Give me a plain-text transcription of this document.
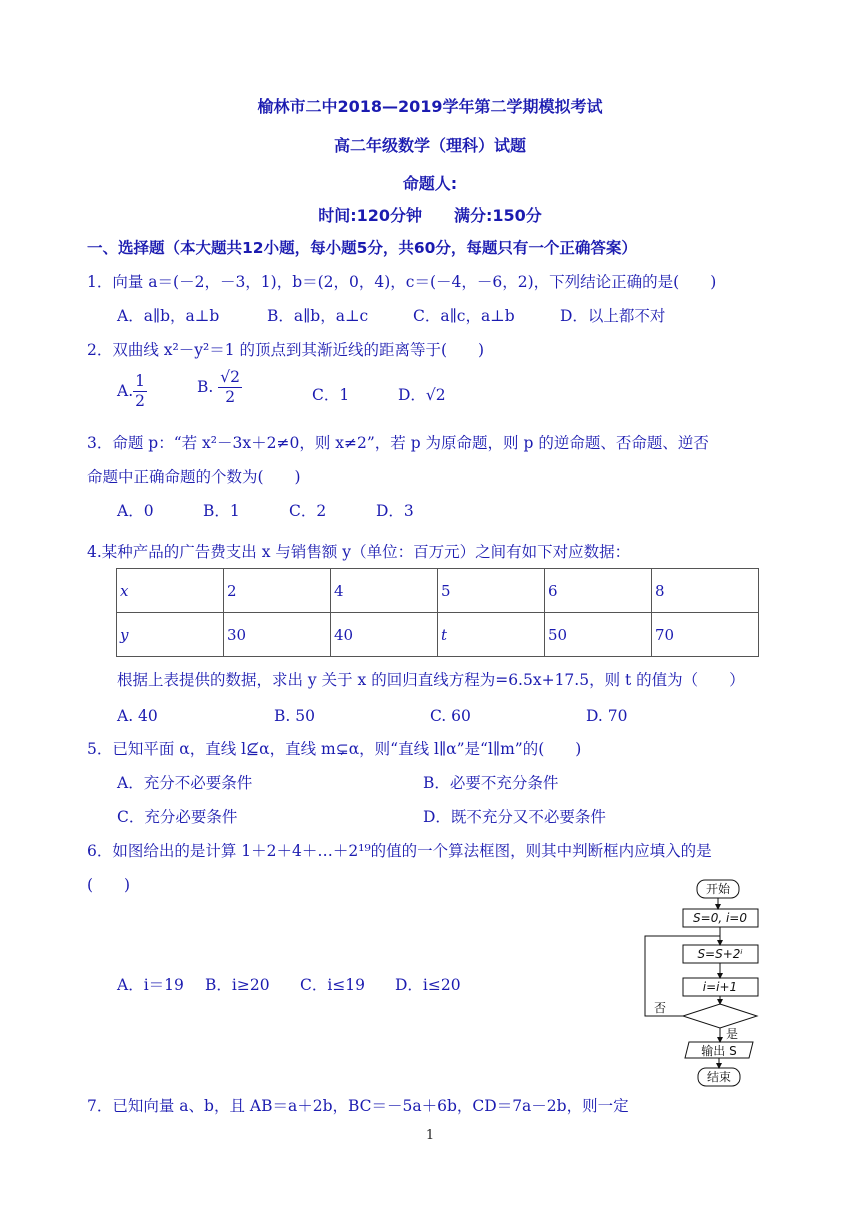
榆林市二中2018—2019学年第二学期模拟考试
高二年级数学（理科）试题
命题人:
时间:120分钟　　满分:150分
一、选择题（本大题共12小题，每小题5分，共60分，每题只有一个正确答案）
1．向量 a＝(－2，－3，1)，b＝(2，0，4)，c＝(－4，－6，2)，下列结论正确的是(　　)
A．a∥b，a⊥b	B．a∥b，a⊥c	C．a∥c，a⊥b	D．以上都不对
2．双曲线 x²－y²＝1 的顶点到其渐近线的距离等于(　　)
A. $\frac{1}{2}$	B. $\frac{√2}{2}$	C．1	D．√2
3．命题 p：“若 x²－3x＋2≠0，则 x≠2”，若 p 为原命题，则 p 的逆命题、否命题、逆否
命题中正确命题的个数为(　　)
A．0	B．1	C．2	D．3
4.某种产品的广告费支出 x 与销售额 y（单位：百万元）之间有如下对应数据：
x	2	4	5	6	8
y	30	40	t	50	70
根据上表提供的数据，求出 y 关于 x 的回归直线方程为=6.5x+17.5，则 t 的值为（　　）
A. 40	B. 50	C. 60	D. 70
5．已知平面 α，直线 l⊈α，直线 m⊊α，则“直线 l∥α”是“l∥m”的(　　)
A．充分不必要条件	B．必要不充分条件
C．充分必要条件	D．既不充分又不必要条件
6．如图给出的是计算 1＋2＋4＋…＋2¹⁹的值的一个算法框图，则其中判断框内应填入的是
(　　)
A．i＝19 B．i≥20 C．i≤19 D．i≤20
开始
S=0, i=0
S=S+2ⁱ
i=i+1
否
是
输出 S
结束
7．已知向量 a、b，且 AB＝a＋2b，BC＝－5a＋6b，CD＝7a－2b，则一定
1
